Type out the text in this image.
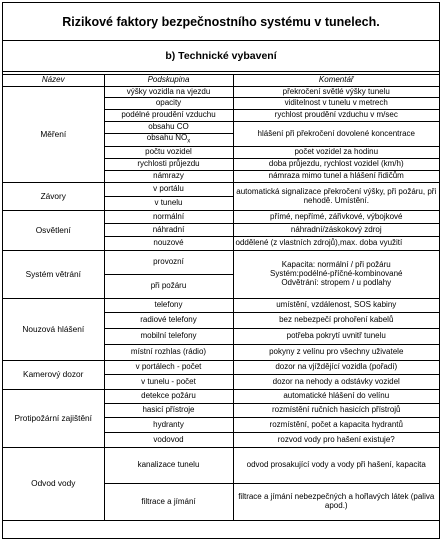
Rizikové faktory bezpečnostního systému v tunelech.
b) Technické vybavení
Název	Podskupina	Komentář
Měření	výšky vozidla na vjezdu	překročení světlé výšky tunelu
	opacity	viditelnost v tunelu v metrech
	podélné proudění vzduchu	rychlost proudění vzduchu v m/sec
	obsahu CO	hlášení při překročení dovolené koncentrace
	obsahu $NO_x$
	počtu vozidel	počet vozidel za hodinu
	rychlosti průjezdu	doba průjezdu, rychlost vozidel (km/h)
	námrazy	námraza mimo tunel a hlášení řidičům
Závory	v portálu	automatická signalizace překročení výšky, při požáru, při nehodě. Umístění.
	v tunelu	
Osvětlení	normální	přímé, nepřímé, zářivkové, výbojkové
	náhradní	náhradní/záskokový zdroj
	nouzové	oddělené (z vlastních zdrojů),max. doba využití
Systém větrání	provozní	Kapacita: normální / při požáru
Systém:podélné-příčné-kombinované
Odvětrání: stropem / u podlahy

	při požáru	
Nouzová hlášení	telefony	umístění, vzdálenost, SOS kabiny
	radiové telefony	bez nebezpečí prohoření kabelů
	mobilní telefony	potřeba pokrytí uvnitř tunelu
	místní rozhlas (rádio)	pokyny z velínu pro všechny uživatele
Kamerový dozor	v portálech - počet	dozor na vjíždějící vozidla (pořadí)
	v tunelu - počet	dozor na nehody a odstávky vozidel
Protipožární zajištění	detekce požáru	automatické hlášení do velínu
	hasicí přístroje	rozmístění ručních hasicích přístrojů
	hydranty	rozmístění, počet a kapacita hydrantů
	vodovod	rozvod vody pro hašení existuje?
Odvod vody	kanalizace tunelu	odvod prosakující vody a vody při hašení, kapacita
	filtrace a jímání	filtrace a jímání nebezpečných a hořlavých látek (paliva apod.)
